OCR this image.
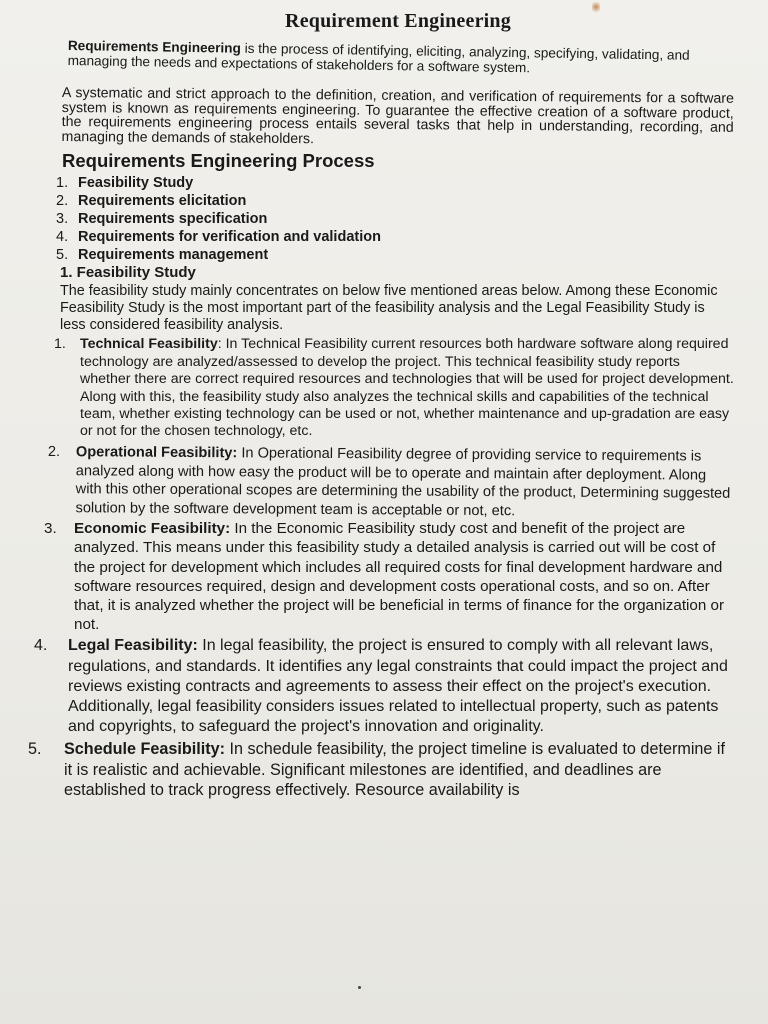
Requirement Engineering

Requirements Engineering is the process of identifying, eliciting, analyzing, specifying, validating, and managing the needs and expectations of stakeholders for a software system.

A systematic and strict approach to the definition, creation, and verification of requirements for a software system is known as requirements engineering. To guarantee the effective creation of a software product, the requirements engineering process entails several tasks that help in understanding, recording, and managing the demands of stakeholders.

Requirements Engineering Process
1. Feasibility Study
2. Requirements elicitation
3. Requirements specification
4. Requirements for verification and validation
5. Requirements management
1. Feasibility Study

The feasibility study mainly concentrates on below five mentioned areas below. Among these Economic Feasibility Study is the most important part of the feasibility analysis and the Legal Feasibility Study is less considered feasibility analysis.

1. Technical Feasibility: In Technical Feasibility current resources both hardware software along required technology are analyzed/assessed to develop the project. This technical feasibility study reports whether there are correct required resources and technologies that will be used for project development. Along with this, the feasibility study also analyzes the technical skills and capabilities of the technical team, whether existing technology can be used or not, whether maintenance and up-gradation are easy or not for the chosen technology, etc.
2.	Operational Feasibility: In Operational Feasibility degree of providing service to requirements is analyzed along with how easy the product will be to operate and maintain after deployment. Along with this other operational scopes are determining the usability of the product, Determining suggested solution by the software development team is acceptable or not, etc.
3.	Economic Feasibility: In the Economic Feasibility study cost and benefit of the project are analyzed. This means under this feasibility study a detailed analysis is carried out will be cost of the project for development which includes all required costs for final development hardware and software resources required, design and development costs operational costs, and so on. After that, it is analyzed whether the project will be beneficial in terms of finance for the organization or not.
4.	Legal Feasibility: In legal feasibility, the project is ensured to comply with all relevant laws, regulations, and standards. It identifies any legal constraints that could impact the project and reviews existing contracts and agreements to assess their effect on the project's execution. Additionally, legal feasibility considers issues related to intellectual property, such as patents and copyrights, to safeguard the project's innovation and originality.
5.	Schedule Feasibility: In schedule feasibility, the project timeline is evaluated to determine if it is realistic and achievable. Significant milestones are identified, and deadlines are established to track progress effectively. Resource availability is
